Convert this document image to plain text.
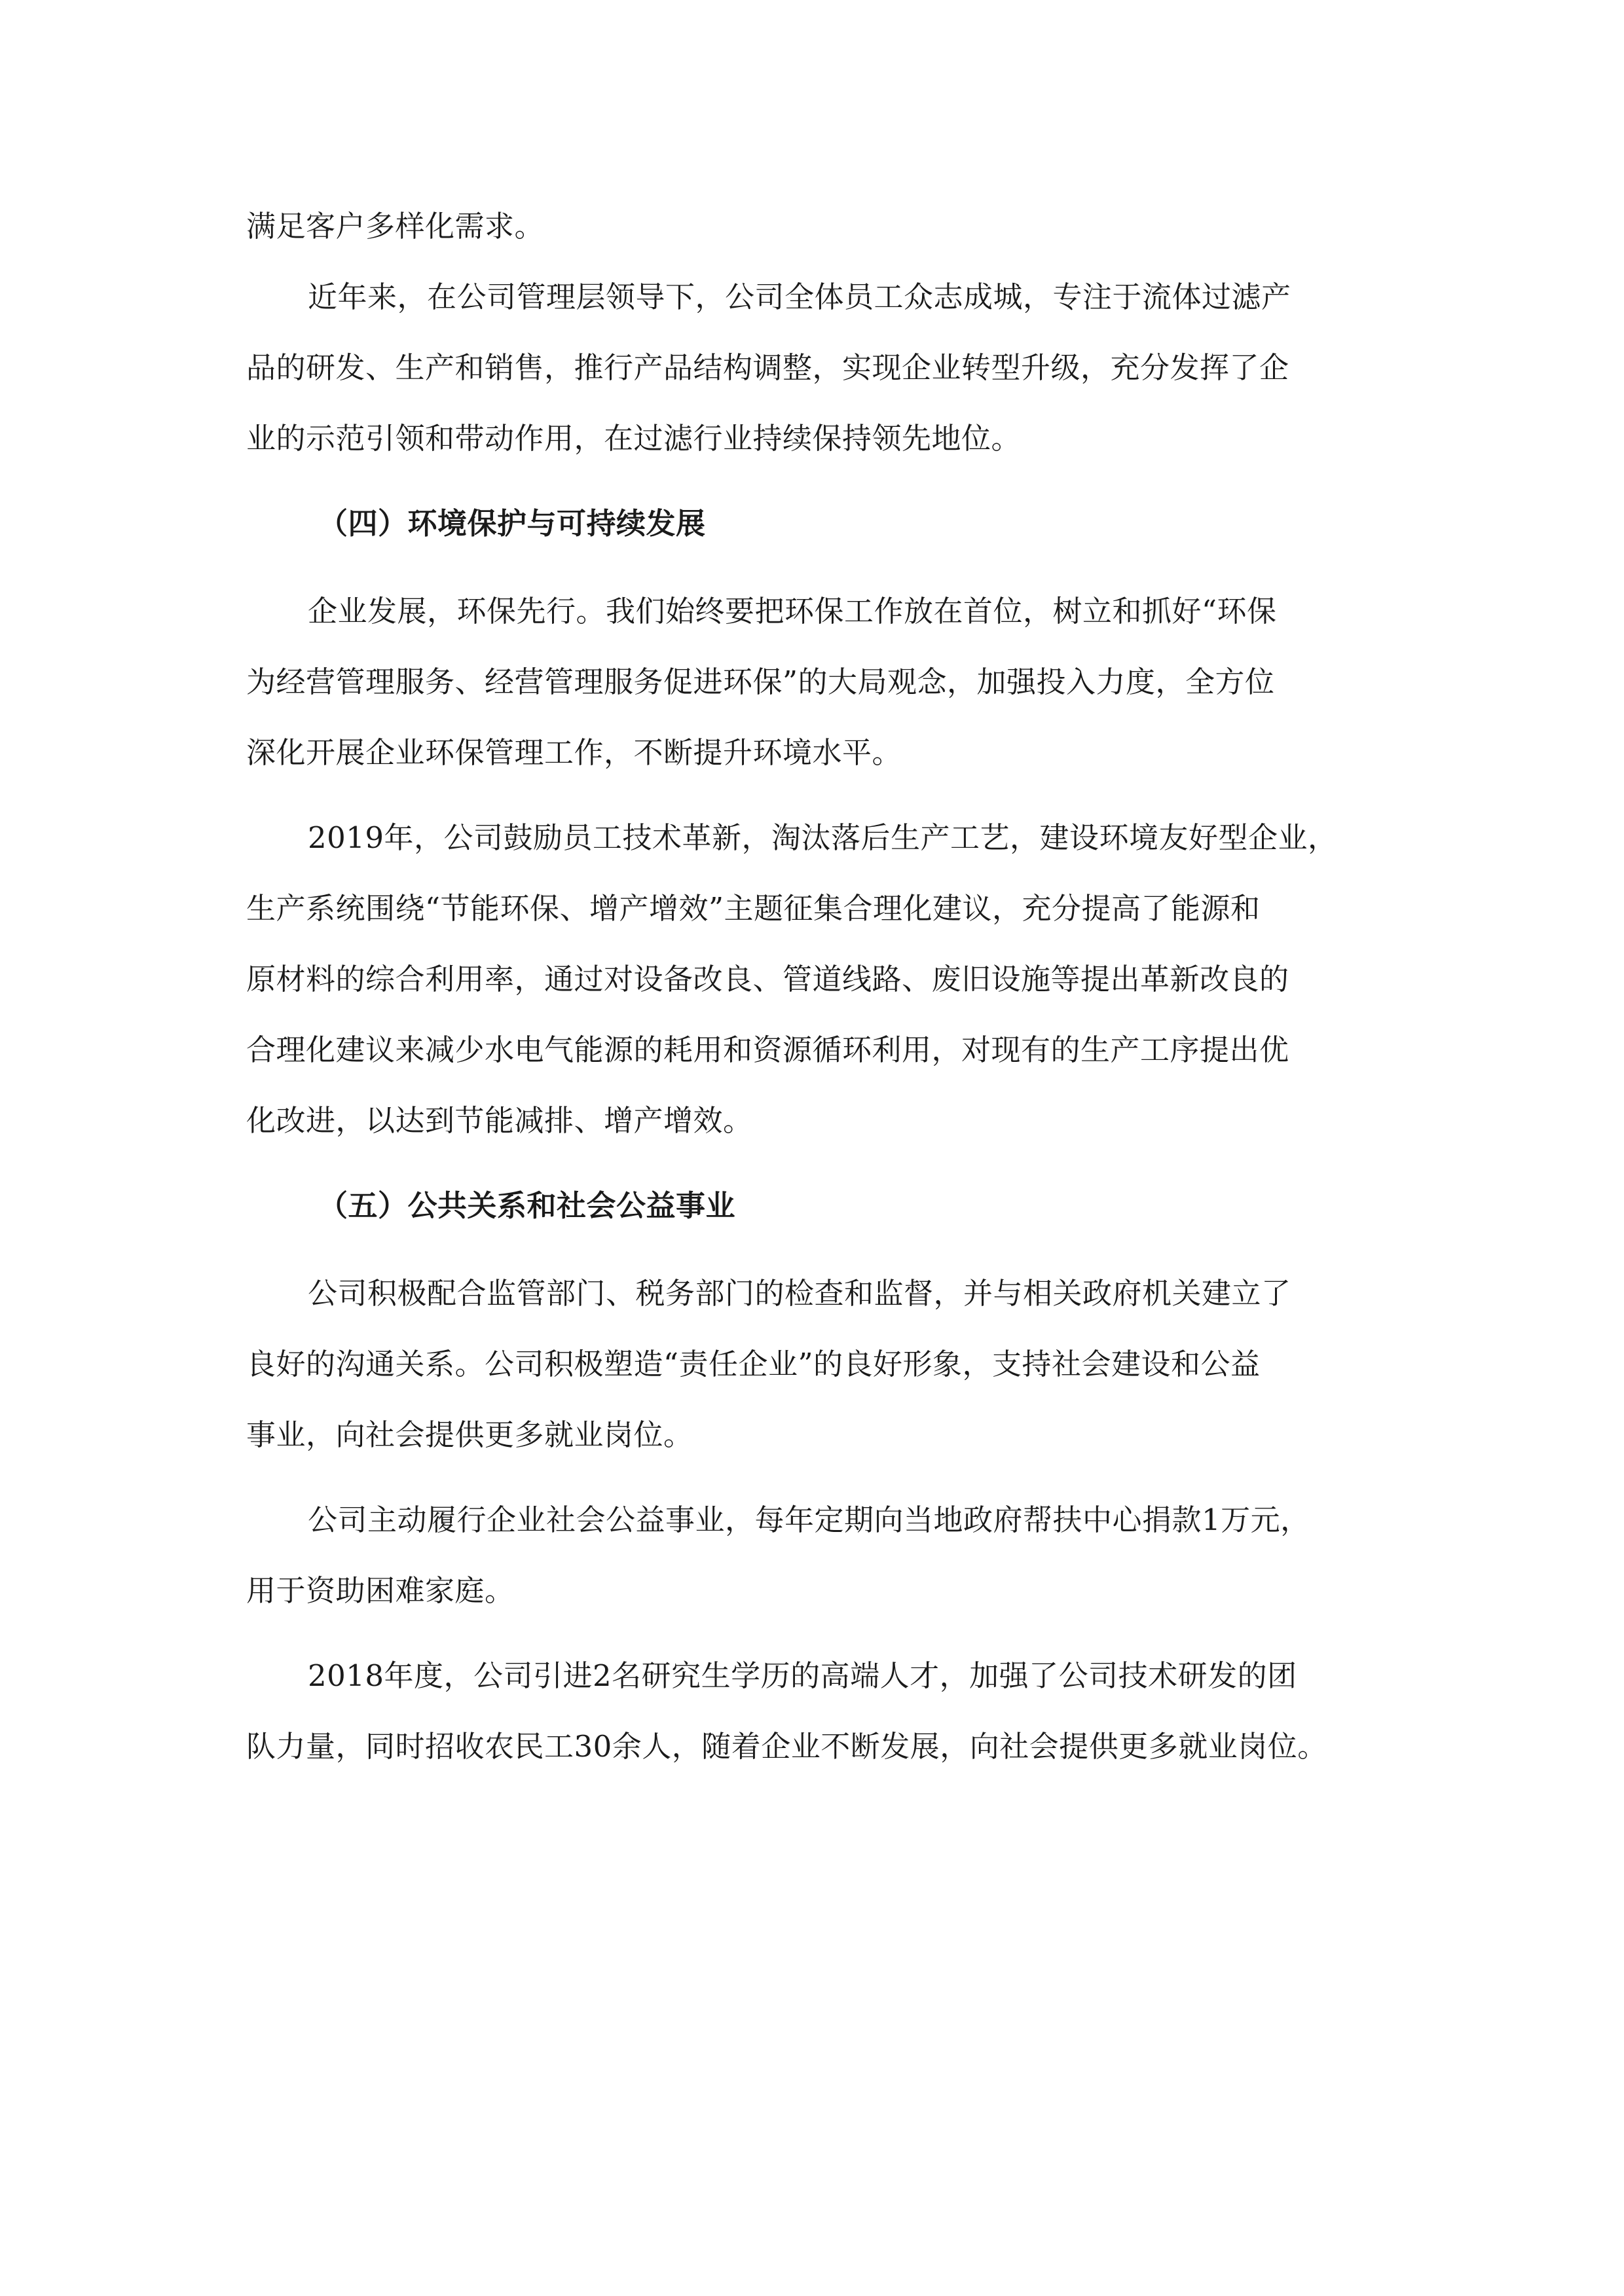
满足客户多样化需求。
近年来，在公司管理层领导下，公司全体员工众志成城，专注于流体过滤产
品的研发、生产和销售，推行产品结构调整，实现企业转型升级，充分发挥了企
业的示范引领和带动作用，在过滤行业持续保持领先地位。
（四）环境保护与可持续发展
企业发展，环保先行。我们始终要把环保工作放在首位，树立和抓好“环保
为经营管理服务、经营管理服务促进环保”的大局观念，加强投入力度，全方位
深化开展企业环保管理工作，不断提升环境水平。
2019年，公司鼓励员工技术革新，淘汰落后生产工艺，建设环境友好型企业，
生产系统围绕“节能环保、增产增效”主题征集合理化建议，充分提高了能源和
原材料的综合利用率，通过对设备改良、管道线路、废旧设施等提出革新改良的
合理化建议来减少水电气能源的耗用和资源循环利用，对现有的生产工序提出优
化改进，以达到节能减排、增产增效。
（五）公共关系和社会公益事业
公司积极配合监管部门、税务部门的检查和监督，并与相关政府机关建立了
良好的沟通关系。公司积极塑造“责任企业”的良好形象，支持社会建设和公益
事业，向社会提供更多就业岗位。
公司主动履行企业社会公益事业，每年定期向当地政府帮扶中心捐款1万元，
用于资助困难家庭。
2018年度，公司引进2名研究生学历的高端人才，加强了公司技术研发的团
队力量，同时招收农民工30余人，随着企业不断发展，向社会提供更多就业岗位。
